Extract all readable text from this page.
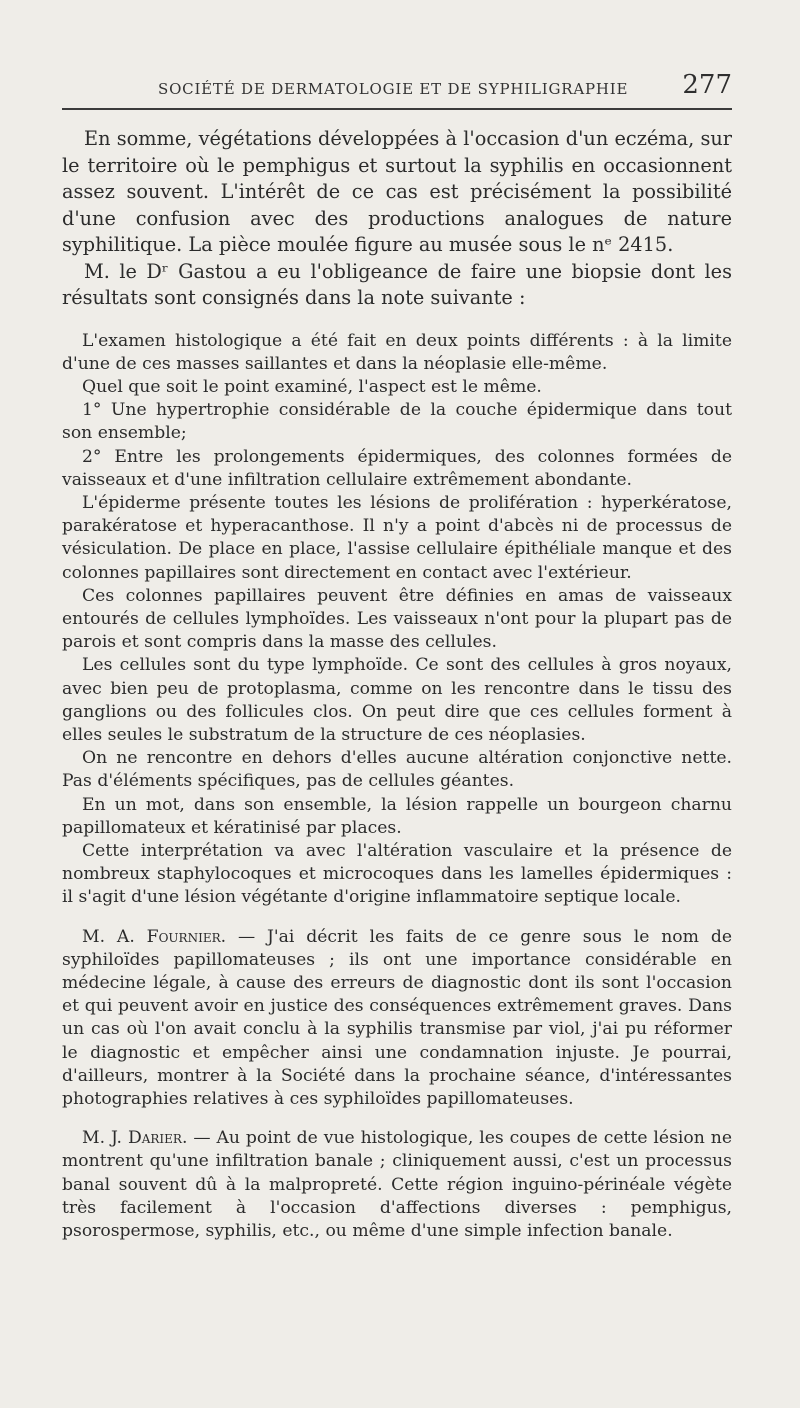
SOCIÉTÉ DE DERMATOLOGIE ET DE SYPHILIGRAPHIE 277

En somme, végétations développées à l'occasion d'un eczéma, sur le territoire où le pemphigus et surtout la syphilis en occasionnent assez souvent. L'intérêt de ce cas est précisément la possibilité d'une confusion avec des productions analogues de nature syphilitique. La pièce moulée figure au musée sous le nᵉ 2415.

M. le Dʳ Gastou a eu l'obligeance de faire une biopsie dont les résultats sont consignés dans la note suivante :

L'examen histologique a été fait en deux points différents : à la limite d'une de ces masses saillantes et dans la néoplasie elle-même.

Quel que soit le point examiné, l'aspect est le même.

1° Une hypertrophie considérable de la couche épidermique dans tout son ensemble;

2° Entre les prolongements épidermiques, des colonnes formées de vaisseaux et d'une infiltration cellulaire extrêmement abondante.

L'épiderme présente toutes les lésions de prolifération : hyperkératose, parakératose et hyperacanthose. Il n'y a point d'abcès ni de processus de vésiculation. De place en place, l'assise cellulaire épithéliale manque et des colonnes papillaires sont directement en contact avec l'extérieur.

Ces colonnes papillaires peuvent être définies en amas de vaisseaux entourés de cellules lymphoïdes. Les vaisseaux n'ont pour la plupart pas de parois et sont compris dans la masse des cellules.

Les cellules sont du type lymphoïde. Ce sont des cellules à gros noyaux, avec bien peu de protoplasma, comme on les rencontre dans le tissu des ganglions ou des follicules clos. On peut dire que ces cellules forment à elles seules le substratum de la structure de ces néoplasies.

On ne rencontre en dehors d'elles aucune altération conjonctive nette. Pas d'éléments spécifiques, pas de cellules géantes.

En un mot, dans son ensemble, la lésion rappelle un bourgeon charnu papillomateux et kératinisé par places.

Cette interprétation va avec l'altération vasculaire et la présence de nombreux staphylocoques et microcoques dans les lamelles épidermiques : il s'agit d'une lésion végétante d'origine inflammatoire septique locale.

M. A. Fournier. — J'ai décrit les faits de ce genre sous le nom de syphiloïdes papillomateuses ; ils ont une importance considérable en médecine légale, à cause des erreurs de diagnostic dont ils sont l'occasion et qui peuvent avoir en justice des conséquences extrêmement graves. Dans un cas où l'on avait conclu à la syphilis transmise par viol, j'ai pu réformer le diagnostic et empêcher ainsi une condamnation injuste. Je pourrai, d'ailleurs, montrer à la Société dans la prochaine séance, d'intéressantes photographies relatives à ces syphiloïdes papillomateuses.

M. J. Darier. — Au point de vue histologique, les coupes de cette lésion ne montrent qu'une infiltration banale ; cliniquement aussi, c'est un processus banal souvent dû à la malpropreté. Cette région inguino-périnéale végète très facilement à l'occasion d'affections diverses : pemphigus, psorospermose, syphilis, etc., ou même d'une simple infection banale.
